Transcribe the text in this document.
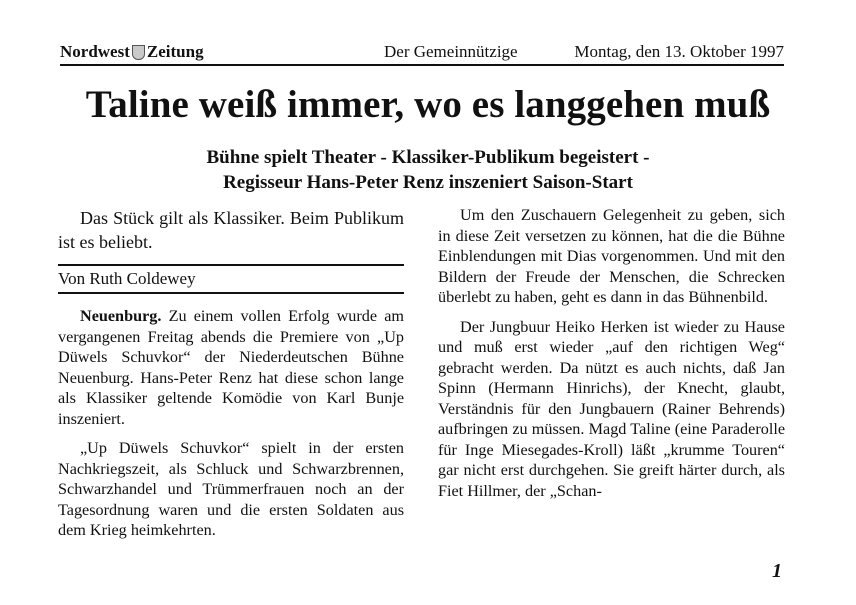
Nordwest Zeitung	Der Gemeinnützige	Montag, den 13. Oktober 1997
Taline weiß immer, wo es langgehen muß
Bühne spielt Theater - Klassiker-Publikum begeistert -
Regisseur Hans-Peter Renz inszeniert Saison-Start

Das Stück gilt als Klassiker. Beim Publikum ist es beliebt.

Von Ruth Coldewey

Neuenburg. Zu einem vollen Erfolg wurde am vergangenen Freitag abends die Premiere von „Up Düwels Schuvkor“ der Niederdeutschen Bühne Neuenburg. Hans-Peter Renz hat diese schon lange als Klassiker geltende Komödie von Karl Bunje inszeniert.

„Up Düwels Schuvkor“ spielt in der ersten Nachkriegszeit, als Schluck und Schwarzbrennen, Schwarzhandel und Trümmerfrauen noch an der Tagesordnung waren und die ersten Soldaten aus dem Krieg heimkehrten.

Um den Zuschauern Gelegenheit zu geben, sich in diese Zeit versetzen zu können, hat die die Bühne Einblendungen mit Dias vorgenommen. Und mit den Bildern der Freude der Menschen, die Schrecken überlebt zu haben, geht es dann in das Bühnenbild.

Der Jungbuur Heiko Herken ist wieder zu Hause und muß erst wieder „auf den richtigen Weg“ gebracht werden. Da nützt es auch nichts, daß Jan Spinn (Hermann Hinrichs), der Knecht, glaubt, Verständnis für den Jungbauern (Rainer Behrends) aufbringen zu müssen. Magd Taline (eine Paraderolle für Inge Miesegades-Kroll) läßt „krumme Touren“ gar nicht erst durchgehen. Sie greift härter durch, als Fiet Hillmer, der „Schan-

1
